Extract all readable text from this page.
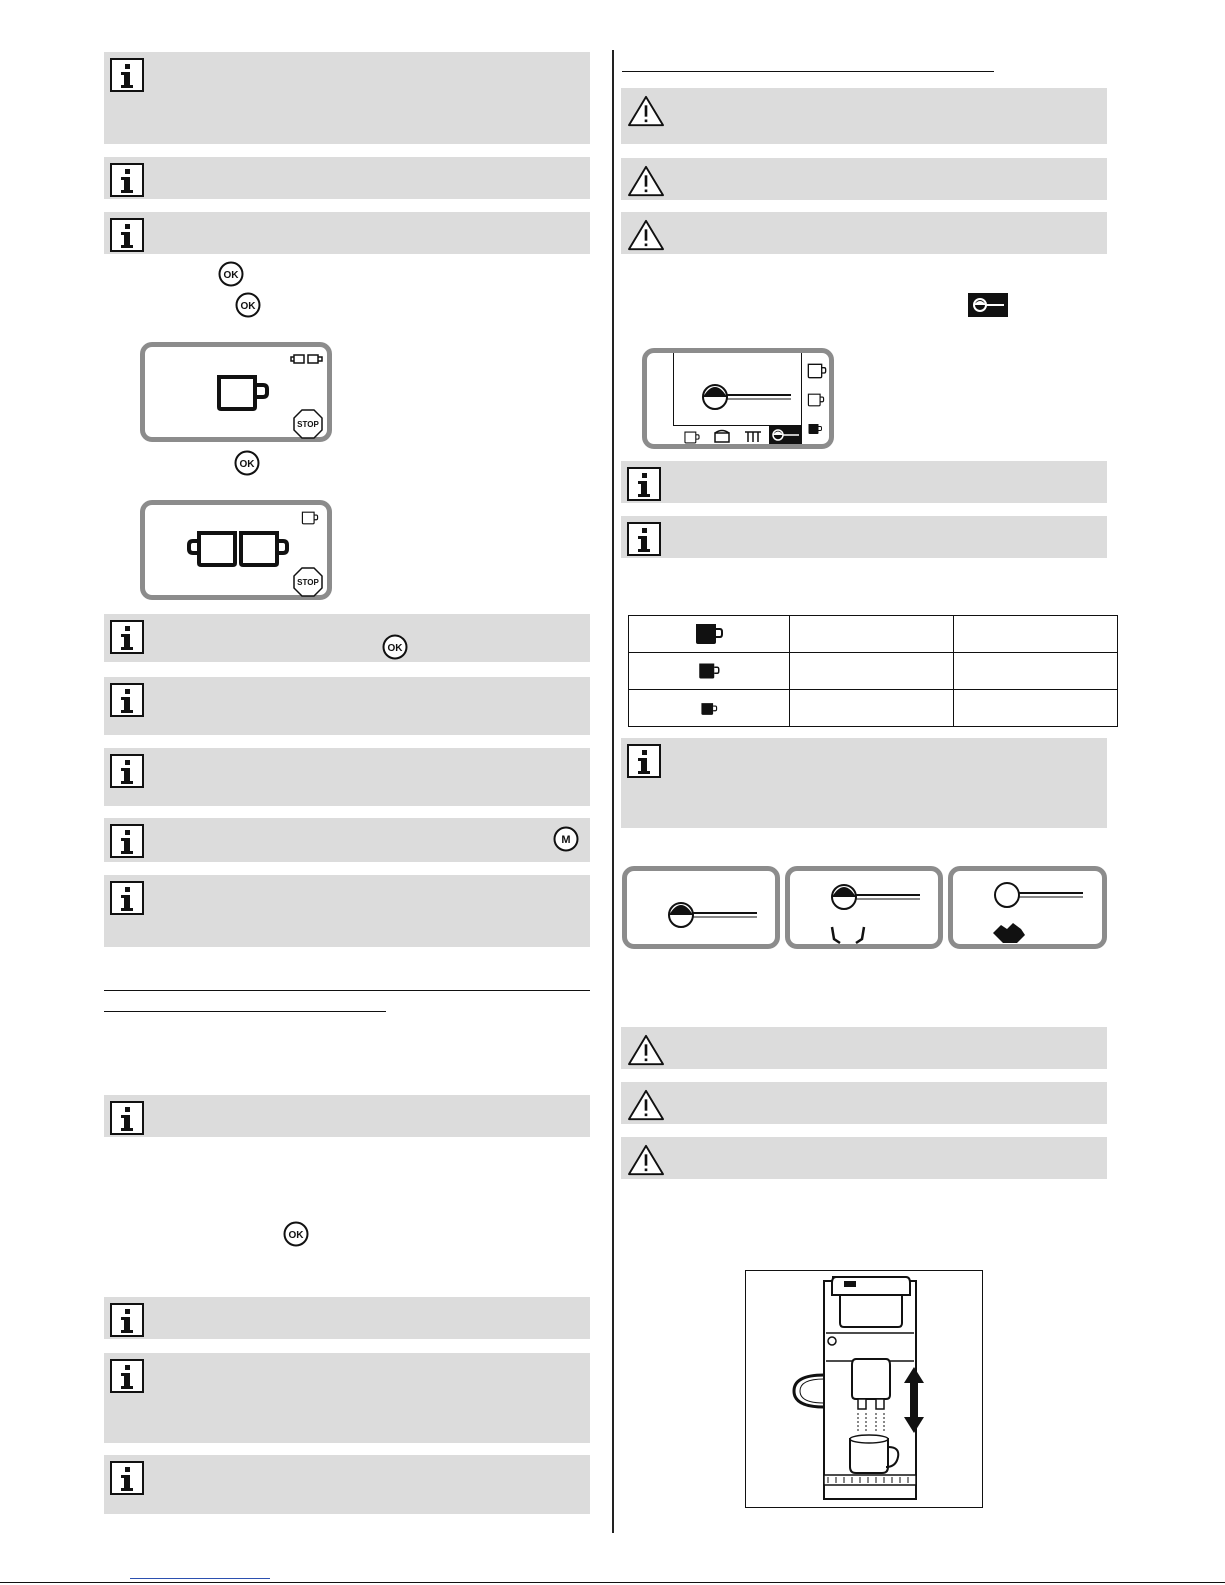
STOP
STOP
